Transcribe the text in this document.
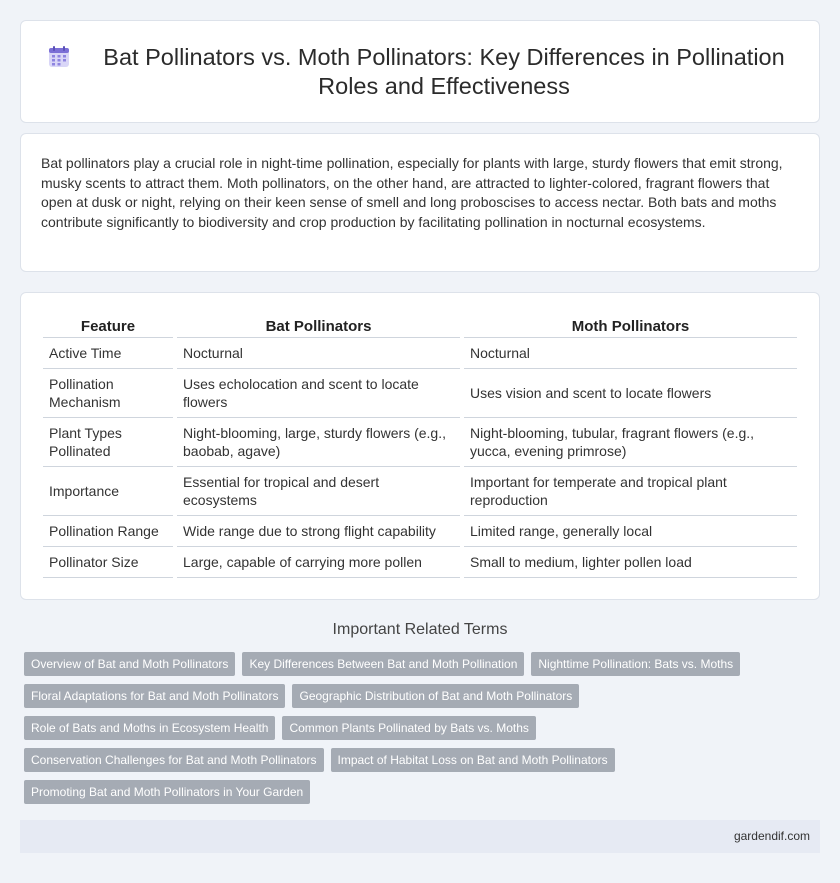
Bat Pollinators vs. Moth Pollinators: Key Differences in Pollination Roles and Effectiveness

Bat pollinators play a crucial role in night-time pollination, especially for plants with large, sturdy flowers that emit strong, musky scents to attract them. Moth pollinators, on the other hand, are attracted to lighter-colored, fragrant flowers that open at dusk or night, relying on their keen sense of smell and long proboscises to access nectar. Both bats and moths contribute significantly to biodiversity and crop production by facilitating pollination in nocturnal ecosystems.

Feature	Bat Pollinators	Moth Pollinators
Active Time	Nocturnal	Nocturnal
Pollination Mechanism	Uses echolocation and scent to locate flowers	Uses vision and scent to locate flowers
Plant Types Pollinated	Night-blooming, large, sturdy flowers (e.g., baobab, agave)	Night-blooming, tubular, fragrant flowers (e.g., yucca, evening primrose)
Importance	Essential for tropical and desert ecosystems	Important for temperate and tropical plant reproduction
Pollination Range	Wide range due to strong flight capability	Limited range, generally local
Pollinator Size	Large, capable of carrying more pollen	Small to medium, lighter pollen load
Important Related Terms
Overview of Bat and Moth Pollinators	Key Differences Between Bat and Moth Pollination	Nighttime Pollination: Bats vs. Moths
Floral Adaptations for Bat and Moth Pollinators	Geographic Distribution of Bat and Moth Pollinators
Role of Bats and Moths in Ecosystem Health	Common Plants Pollinated by Bats vs. Moths
Conservation Challenges for Bat and Moth Pollinators	Impact of Habitat Loss on Bat and Moth Pollinators
Promoting Bat and Moth Pollinators in Your Garden
gardendif.com
